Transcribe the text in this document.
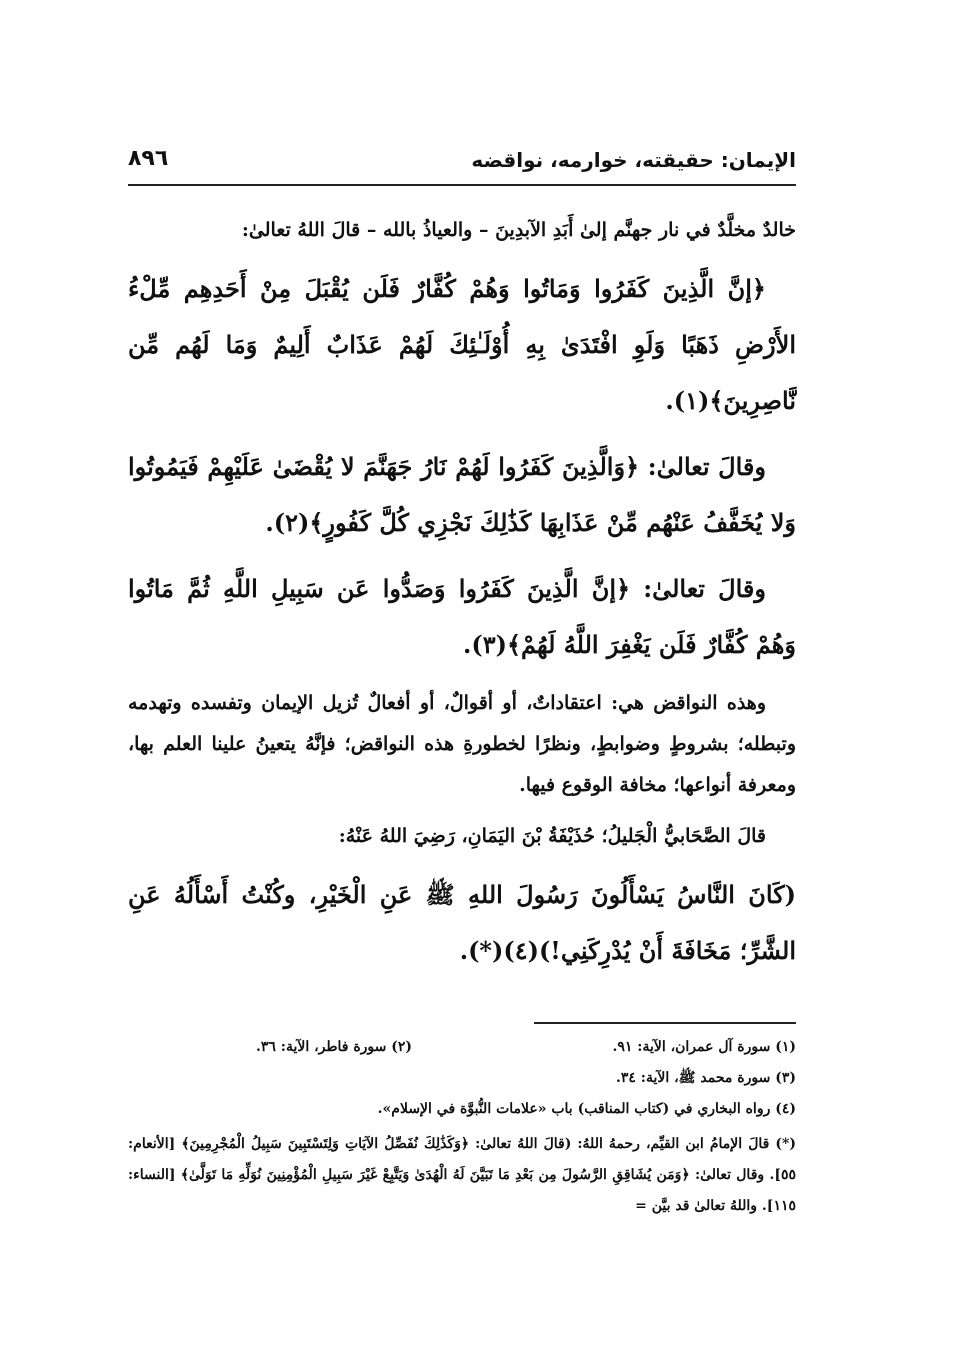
الإيمان: حقيقته، خوارمه، نواقضه
٨٩٦

خالدٌ مخلَّدٌ في نار جهنَّم إلىٰ أَبَدِ الآبدِينَ – والعياذُ بالله – قالَ اللهُ تعالىٰ:

﴿إنَّ الَّذِينَ كَفَرُوا وَمَاتُوا وَهُمْ كُفَّارٌ فَلَن يُقْبَلَ مِنْ أَحَدِهِم مِّلْءُ الأَرْضِ ذَهَبًا وَلَوِ افْتَدَىٰ بِهِ أُوْلَـٰئِكَ لَهُمْ عَذَابٌ أَلِيمٌ وَمَا لَهُم مِّن نَّاصِرِينَ﴾(١).

وقالَ تعالىٰ: ﴿وَالَّذِينَ كَفَرُوا لَهُمْ نَارُ جَهَنَّمَ لا يُقْضَىٰ عَلَيْهِمْ فَيَمُوتُوا وَلا يُخَفَّفُ عَنْهُم مِّنْ عَذَابِهَا كَذَٰلِكَ نَجْزِي كُلَّ كَفُورٍ﴾(٢).

وقالَ تعالىٰ: ﴿إنَّ الَّذِينَ كَفَرُوا وَصَدُّوا عَن سَبِيلِ اللَّهِ ثُمَّ مَاتُوا وَهُمْ كُفَّارٌ فَلَن يَغْفِرَ اللَّهُ لَهُمْ﴾(٣).

وهذه النواقض هي: اعتقاداتٌ، أو أقوالٌ، أو أفعالٌ تُزيل الإيمان وتفسده وتهدمه وتبطله؛ بشروطٍ وضوابطٍ، ونظرًا لخطورةِ هذه النواقض؛ فإنَّهُ يتعينُ علينا العلم بها، ومعرفة أنواعها؛ مخافة الوقوع فيها.

قالَ الصَّحَابيُّ الْجَليلُ؛ حُذَيْفَةُ بْنَ اليَمَانِ، رَضِيَ اللهُ عَنْهُ:

(كَانَ النَّاسُ يَسْأَلُونَ رَسُولَ اللهِ ﷺ عَنِ الْخَيْرِ، وكُنْتُ أَسْأَلُهُ عَنِ الشَّرِّ؛ مَخَافَةَ أَنْ يُدْرِكَنِي!)(٤)(*).

(١) سورة آل عمران، الآية: ٩١.
(٢) سورة فاطر، الآية: ٣٦.
(٣) سورة محمد ﷺ، الآية: ٣٤.
(٤) رواه البخاري في (كتاب المناقب) باب «علامات النُّبوَّة في الإسلام».
(*) قالَ الإمامُ ابن القيِّم، رحمهُ اللهُ: (قالَ اللهُ تعالىٰ: ﴿وَكَذَٰلِكَ نُفَصِّلُ الآيَاتِ وَلِتَسْتَبِينَ سَبِيلُ الْمُجْرِمِينَ﴾ [الأنعام: ٥٥]. وقال تعالىٰ: ﴿وَمَن يُشَاقِقِ الرَّسُولَ مِن بَعْدِ مَا تَبَيَّنَ لَهُ الْهُدَىٰ وَيَتَّبِعْ غَيْرَ سَبِيلِ الْمُؤْمِنِينَ نُوَلِّهِ مَا تَوَلَّىٰ﴾ [النساء: ١١٥]. واللهُ تعالىٰ قد بيَّن =
